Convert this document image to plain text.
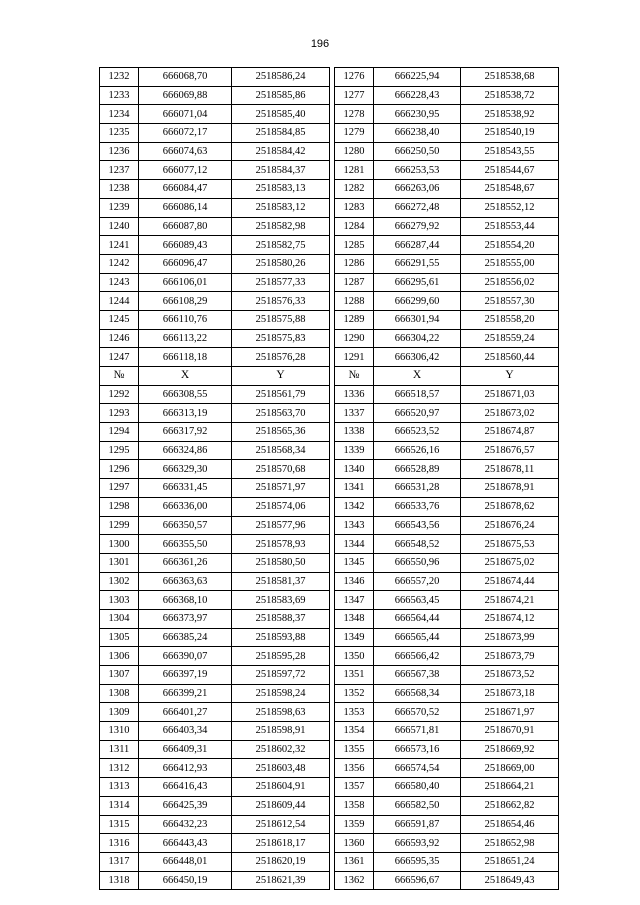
196
1232	666068,70	2518586,24		1276	666225,94	2518538,68
1233	666069,88	2518585,86		1277	666228,43	2518538,72
1234	666071,04	2518585,40		1278	666230,95	2518538,92
1235	666072,17	2518584,85		1279	666238,40	2518540,19
1236	666074,63	2518584,42		1280	666250,50	2518543,55
1237	666077,12	2518584,37		1281	666253,53	2518544,67
1238	666084,47	2518583,13		1282	666263,06	2518548,67
1239	666086,14	2518583,12		1283	666272,48	2518552,12
1240	666087,80	2518582,98		1284	666279,92	2518553,44
1241	666089,43	2518582,75		1285	666287,44	2518554,20
1242	666096,47	2518580,26		1286	666291,55	2518555,00
1243	666106,01	2518577,33		1287	666295,61	2518556,02
1244	666108,29	2518576,33		1288	666299,60	2518557,30
1245	666110,76	2518575,88		1289	666301,94	2518558,20
1246	666113,22	2518575,83		1290	666304,22	2518559,24
1247	666118,18	2518576,28		1291	666306,42	2518560,44
№	X	Y		№	X	Y
1292	666308,55	2518561,79		1336	666518,57	2518671,03
1293	666313,19	2518563,70		1337	666520,97	2518673,02
1294	666317,92	2518565,36		1338	666523,52	2518674,87
1295	666324,86	2518568,34		1339	666526,16	2518676,57
1296	666329,30	2518570,68		1340	666528,89	2518678,11
1297	666331,45	2518571,97		1341	666531,28	2518678,91
1298	666336,00	2518574,06		1342	666533,76	2518678,62
1299	666350,57	2518577,96		1343	666543,56	2518676,24
1300	666355,50	2518578,93		1344	666548,52	2518675,53
1301	666361,26	2518580,50		1345	666550,96	2518675,02
1302	666363,63	2518581,37		1346	666557,20	2518674,44
1303	666368,10	2518583,69		1347	666563,45	2518674,21
1304	666373,97	2518588,37		1348	666564,44	2518674,12
1305	666385,24	2518593,88		1349	666565,44	2518673,99
1306	666390,07	2518595,28		1350	666566,42	2518673,79
1307	666397,19	2518597,72		1351	666567,38	2518673,52
1308	666399,21	2518598,24		1352	666568,34	2518673,18
1309	666401,27	2518598,63		1353	666570,52	2518671,97
1310	666403,34	2518598,91		1354	666571,81	2518670,91
1311	666409,31	2518602,32		1355	666573,16	2518669,92
1312	666412,93	2518603,48		1356	666574,54	2518669,00
1313	666416,43	2518604,91		1357	666580,40	2518664,21
1314	666425,39	2518609,44		1358	666582,50	2518662,82
1315	666432,23	2518612,54		1359	666591,87	2518654,46
1316	666443,43	2518618,17		1360	666593,92	2518652,98
1317	666448,01	2518620,19		1361	666595,35	2518651,24
1318	666450,19	2518621,39		1362	666596,67	2518649,43
